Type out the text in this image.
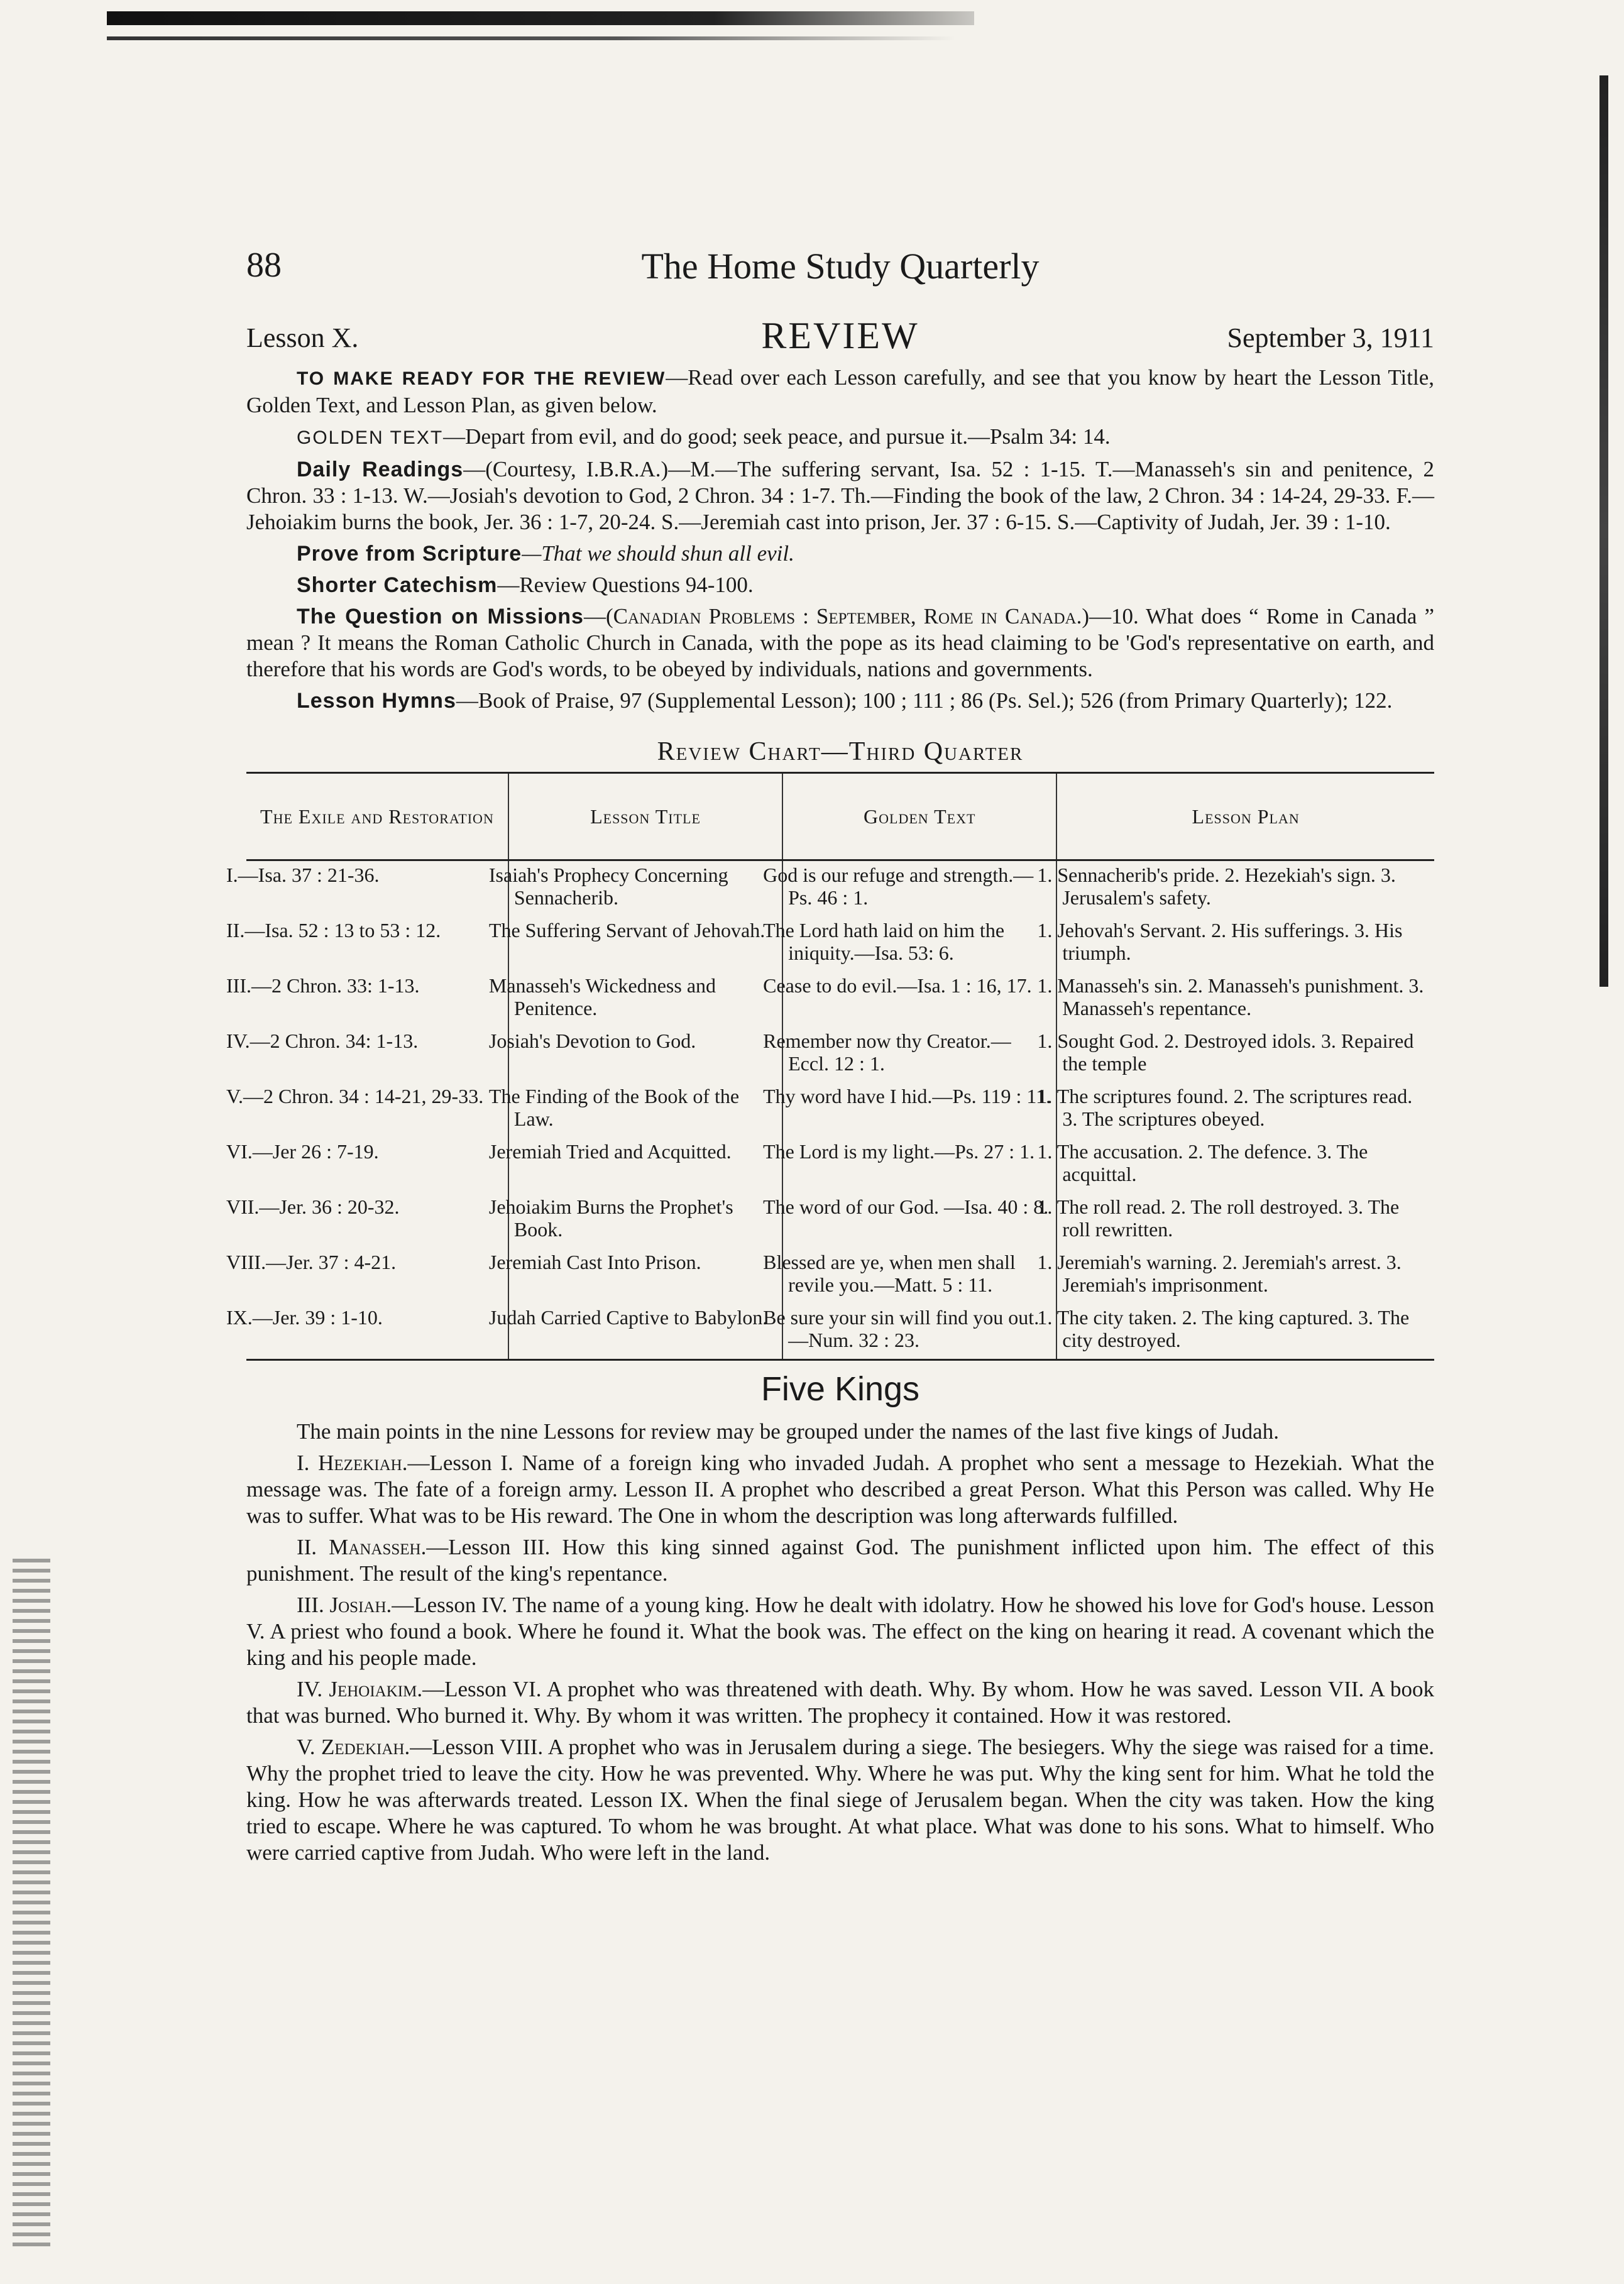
88	The Home Study Quarterly
Lesson X.	REVIEW	September 3, 1911

TO MAKE READY FOR THE REVIEW—Read over each Lesson carefully, and see that you know by heart the Lesson Title, Golden Text, and Lesson Plan, as given below.

GOLDEN TEXT—Depart from evil, and do good; seek peace, and pursue it.—Psalm 34: 14.

Daily Readings—(Courtesy, I.B.R.A.)—M.—The suffering servant, Isa. 52 : 1-15. T.—Manasseh's sin and penitence, 2 Chron. 33 : 1-13. W.—Josiah's devotion to God, 2 Chron. 34 : 1-7. Th.—Finding the book of the law, 2 Chron. 34 : 14-24, 29-33. F.—Jehoiakim burns the book, Jer. 36 : 1-7, 20-24. S.—Jeremiah cast into prison, Jer. 37 : 6-15. S.—Captivity of Judah, Jer. 39 : 1-10.

Prove from Scripture—That we should shun all evil.

Shorter Catechism—Review Questions 94-100.

The Question on Missions—(Canadian Problems : September, Rome in Canada.)—10. What does “ Rome in Canada ” mean ? It means the Roman Catholic Church in Canada, with the pope as its head claiming to be 'God's representative on earth, and therefore that his words are God's words, to be obeyed by individuals, nations and governments.

Lesson Hymns—Book of Praise, 97 (Supplemental Lesson); 100 ; 111 ; 86 (Ps. Sel.); 526 (from Primary Quarterly); 122.

Review Chart—Third Quarter
The Exile and Restoration	Lesson Title	Golden Text	Lesson Plan
I.—Isa. 37 : 21-36.	Isaiah's Prophecy Concerning Sennacherib.	God is our refuge and strength.—Ps. 46 : 1.	1. Sennacherib's pride. 2. Hezekiah's sign. 3. Jerusalem's safety.
II.—Isa. 52 : 13 to 53 : 12.	The Suffering Servant of Jehovah.	The Lord hath laid on him the iniquity.—Isa. 53: 6.	1. Jehovah's Servant. 2. His sufferings. 3. His triumph.
III.—2 Chron. 33: 1-13.	Manasseh's Wickedness and Penitence.	Cease to do evil.—Isa. 1 : 16, 17.	1. Manasseh's sin. 2. Manasseh's punishment. 3. Manasseh's repentance.
IV.—2 Chron. 34: 1-13.	Josiah's Devotion to God.	Remember now thy Creator.—Eccl. 12 : 1.	1. Sought God. 2. Destroyed idols. 3. Repaired the temple
V.—2 Chron. 34 : 14-21, 29-33.	The Finding of the Book of the Law.	Thy word have I hid.—Ps. 119 : 11.	1. The scriptures found. 2. The scriptures read. 3. The scriptures obeyed.
VI.—Jer 26 : 7-19.	Jeremiah Tried and Acquitted.	The Lord is my light.—Ps. 27 : 1.	1. The accusation. 2. The defence. 3. The acquittal.
VII.—Jer. 36 : 20-32.	Jehoiakim Burns the Prophet's Book.	The word of our God. —Isa. 40 : 8.	1. The roll read. 2. The roll destroyed. 3. The roll rewritten.
VIII.—Jer. 37 : 4-21.	Jeremiah Cast Into Prison.	Blessed are ye, when men shall revile you.—Matt. 5 : 11.	1. Jeremiah's warning. 2. Jeremiah's arrest. 3. Jeremiah's imprisonment.
IX.—Jer. 39 : 1-10.	Judah Carried Captive to Babylon.	Be sure your sin will find you out.—Num. 32 : 23.	1. The city taken. 2. The king captured. 3. The city destroyed.
Five Kings

The main points in the nine Lessons for review may be grouped under the names of the last five kings of Judah.

I. Hezekiah.—Lesson I. Name of a foreign king who invaded Judah. A prophet who sent a message to Hezekiah. What the message was. The fate of a foreign army. Lesson II. A prophet who described a great Person. What this Person was called. Why He was to suffer. What was to be His reward. The One in whom the description was long afterwards fulfilled.

II. Manasseh.—Lesson III. How this king sinned against God. The punishment inflicted upon him. The effect of this punishment. The result of the king's repentance.

III. Josiah.—Lesson IV. The name of a young king. How he dealt with idolatry. How he showed his love for God's house. Lesson V. A priest who found a book. Where he found it. What the book was. The effect on the king on hearing it read. A covenant which the king and his people made.

IV. Jehoiakim.—Lesson VI. A prophet who was threatened with death. Why. By whom. How he was saved. Lesson VII. A book that was burned. Who burned it. Why. By whom it was written. The prophecy it contained. How it was restored.

V. Zedekiah.—Lesson VIII. A prophet who was in Jerusalem during a siege. The besiegers. Why the siege was raised for a time. Why the prophet tried to leave the city. How he was prevented. Why. Where he was put. Why the king sent for him. What he told the king. How he was afterwards treated. Lesson IX. When the final siege of Jerusalem began. When the city was taken. How the king tried to escape. Where he was captured. To whom he was brought. At what place. What was done to his sons. What to himself. Who were carried captive from Judah. Who were left in the land.
